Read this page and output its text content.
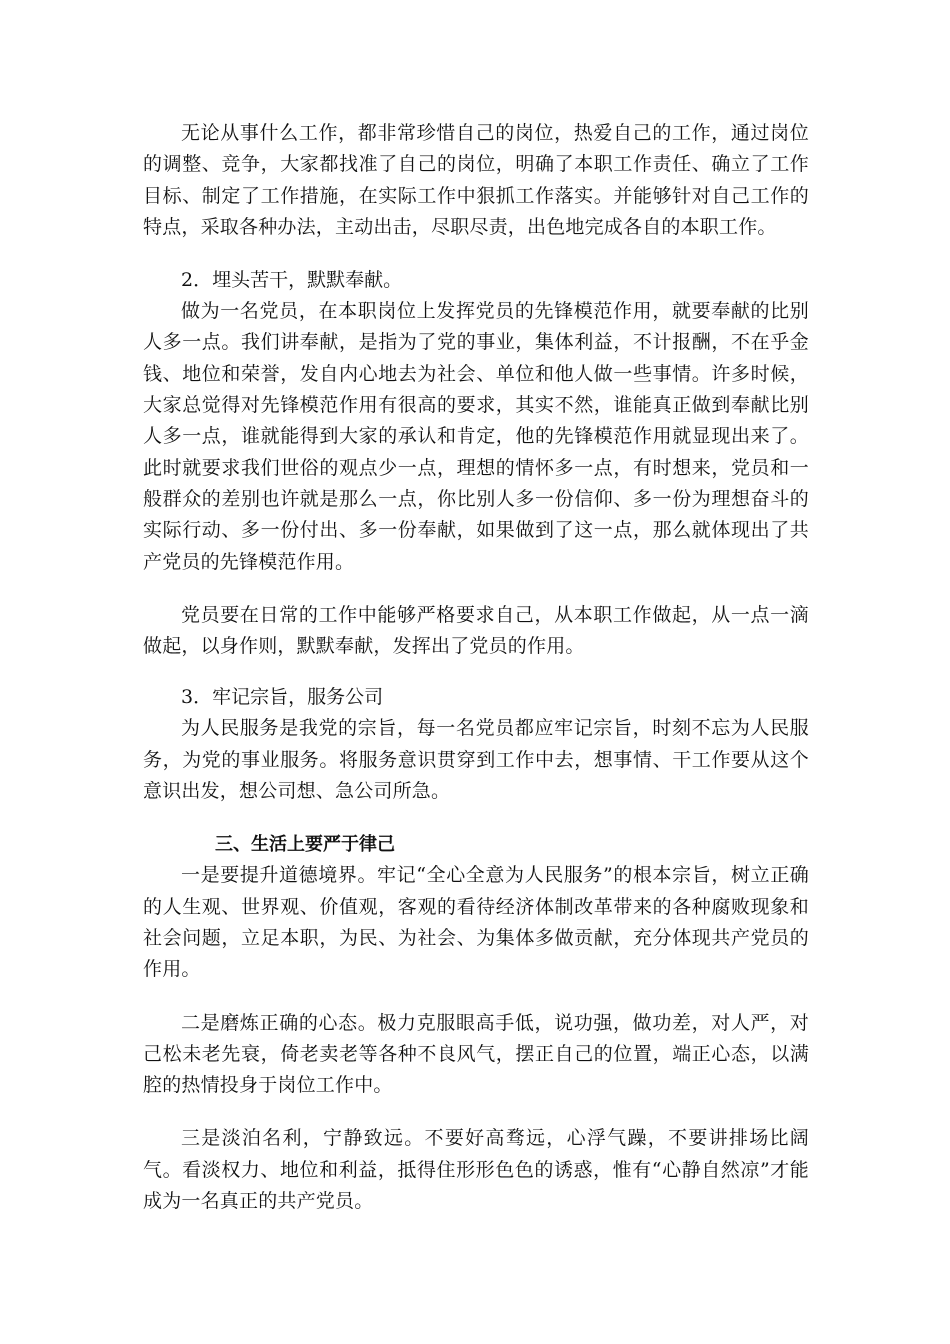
无论从事什么工作，都非常珍惜自己的岗位，热爱自己的工作，通过岗位的调整、竞争，大家都找准了自己的岗位，明确了本职工作责任、确立了工作目标、制定了工作措施，在实际工作中狠抓工作落实。并能够针对自己工作的特点，采取各种办法，主动出击，尽职尽责，出色地完成各自的本职工作。

2．埋头苦干，默默奉献。

做为一名党员，在本职岗位上发挥党员的先锋模范作用，就要奉献的比别人多一点。我们讲奉献，是指为了党的事业，集体利益，不计报酬，不在乎金钱、地位和荣誉，发自内心地去为社会、单位和他人做一些事情。许多时候，大家总觉得对先锋模范作用有很高的要求，其实不然，谁能真正做到奉献比别人多一点，谁就能得到大家的承认和肯定，他的先锋模范作用就显现出来了。此时就要求我们世俗的观点少一点，理想的情怀多一点，有时想来，党员和一般群众的差别也许就是那么一点，你比别人多一份信仰、多一份为理想奋斗的实际行动、多一份付出、多一份奉献，如果做到了这一点，那么就体现出了共产党员的先锋模范作用。

党员要在日常的工作中能够严格要求自己，从本职工作做起，从一点一滴做起，以身作则，默默奉献，发挥出了党员的作用。

3．牢记宗旨，服务公司

为人民服务是我党的宗旨，每一名党员都应牢记宗旨，时刻不忘为人民服务，为党的事业服务。将服务意识贯穿到工作中去，想事情、干工作要从这个意识出发，想公司想、急公司所急。

三、生活上要严于律己

一是要提升道德境界。牢记“全心全意为人民服务”的根本宗旨，树立正确的人生观、世界观、价值观，客观的看待经济体制改革带来的各种腐败现象和社会问题，立足本职，为民、为社会、为集体多做贡献，充分体现共产党员的作用。

二是磨炼正确的心态。极力克服眼高手低，说功强，做功差，对人严，对己松未老先衰，倚老卖老等各种不良风气，摆正自己的位置，端正心态，以满腔的热情投身于岗位工作中。

三是淡泊名利，宁静致远。不要好高骛远，心浮气躁，不要讲排场比阔气。看淡权力、地位和利益，抵得住形形色色的诱惑，惟有“心静自然凉”才能成为一名真正的共产党员。
